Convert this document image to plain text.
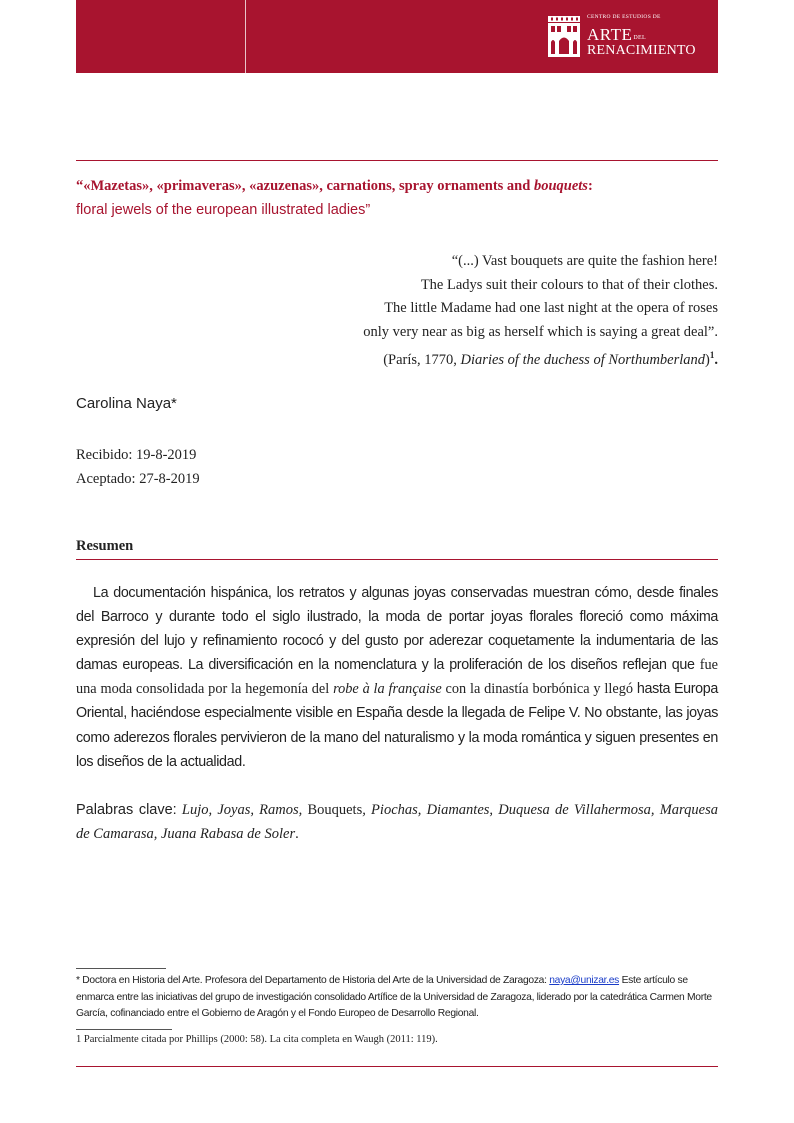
CENTRO DE ESTUDIOS DE
ARTEDEL
RENACIMIENTO
“«Mazetas», «primaveras», «azuzenas», carnations, spray ornaments and bouquets:
floral jewels of the european illustrated ladies”
“(...) Vast bouquets are quite the fashion here!
The Ladys suit their colours to that of their clothes.
The little Madame had one last night at the opera of roses
only very near as big as herself which is saying a great deal”.
(París, 1770, Diaries of the duchess of Northumberland)$^1$.
Carolina Naya*
Recibido: 19-8-2019
Aceptado: 27-8-2019
Resumen
La documentación hispánica, los retratos y algunas joyas conservadas muestran cómo, desde finales del Barroco y durante todo el siglo ilustrado, la moda de portar joyas florales floreció como máxima expresión del lujo y refinamiento rococó y del gusto por aderezar coquetamente la indumentaria de las damas europeas. La diversificación en la nomenclatura y la proliferación de los diseños reflejan que fue una moda consolidada por la hegemonía del robe à la française con la dinastía borbónica y llegó hasta Europa Oriental, haciéndose especialmente visible en España desde la llegada de Felipe V. No obstante, las joyas como aderezos florales pervivieron de la mano del naturalismo y la moda romántica y siguen presentes en los diseños de la actualidad.
Palabras clave: Lujo, Joyas, Ramos, Bouquets, Piochas, Diamantes, Duquesa de Villahermosa, Marquesa de Camarasa, Juana Rabasa de Soler.
* Doctora en Historia del Arte. Profesora del Departamento de Historia del Arte de la Universidad de Zaragoza: naya@unizar.es Este artículo se enmarca entre las iniciativas del grupo de investigación consolidado Artífice de la Universidad de Zaragoza, liderado por la catedrática Carmen Morte García, cofinanciado entre el Gobierno de Aragón y el Fondo Europeo de Desarrollo Regional.
1 Parcialmente citada por Phillips (2000: 58). La cita completa en Waugh (2011: 119).
